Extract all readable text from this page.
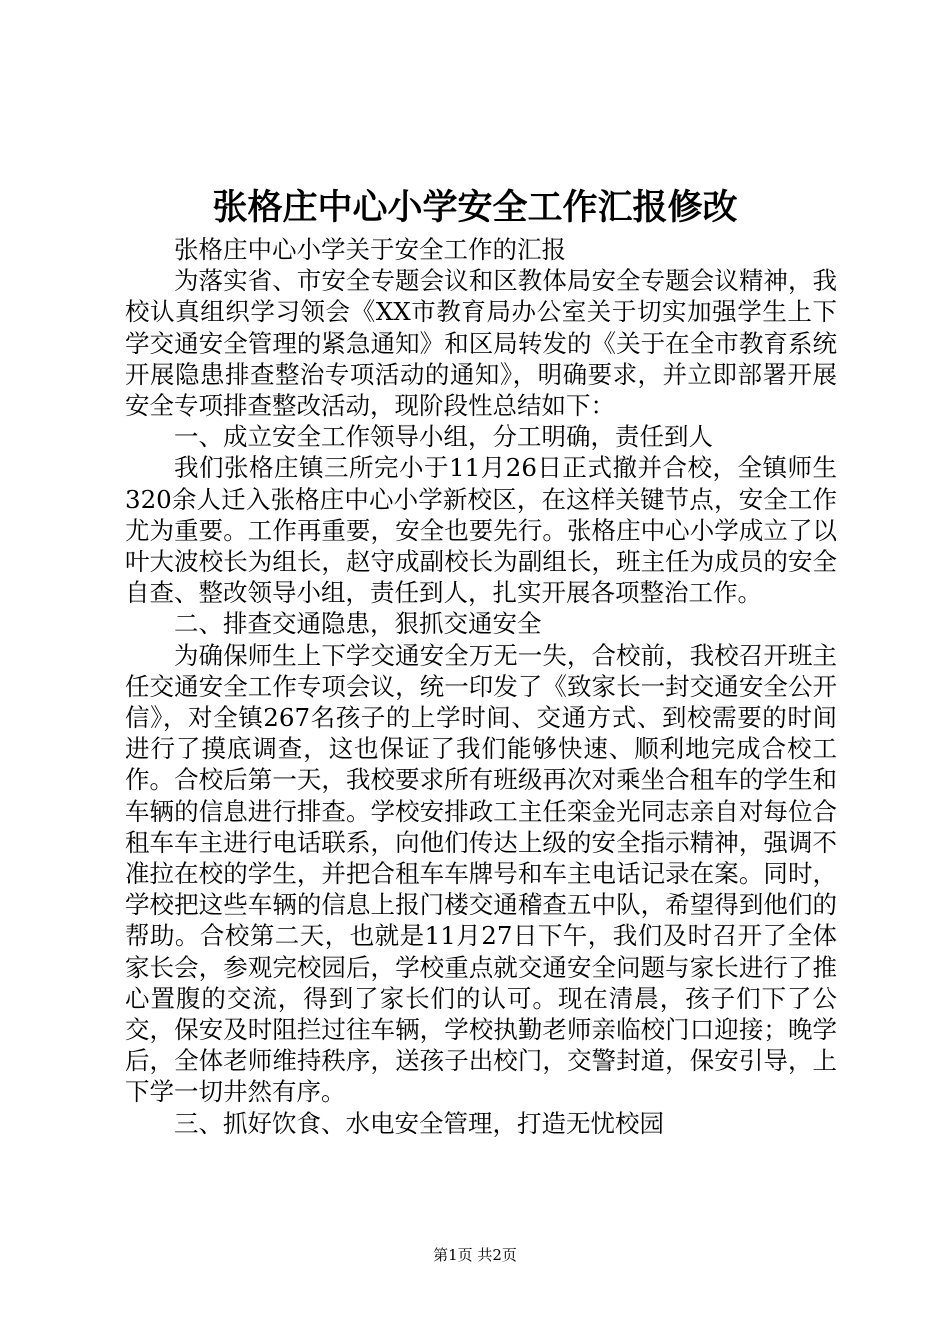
张格庄中心小学安全工作汇报修改

张格庄中心小学关于安全工作的汇报

为落实省、市安全专题会议和区教体局安全专题会议精神，我校认真组织学习领会《XX市教育局办公室关于切实加强学生上下学交通安全管理的紧急通知》和区局转发的《关于在全市教育系统开展隐患排查整治专项活动的通知》，明确要求，并立即部署开展安全专项排查整改活动，现阶段性总结如下：

一、成立安全工作领导小组，分工明确，责任到人

我们张格庄镇三所完小于11月26日正式撤并合校，全镇师生320余人迁入张格庄中心小学新校区，在这样关键节点，安全工作尤为重要。工作再重要，安全也要先行。张格庄中心小学成立了以叶大波校长为组长，赵守成副校长为副组长，班主任为成员的安全自查、整改领导小组，责任到人，扎实开展各项整治工作。

二、排查交通隐患，狠抓交通安全

为确保师生上下学交通安全万无一失，合校前，我校召开班主任交通安全工作专项会议，统一印发了《致家长一封交通安全公开信》，对全镇267名孩子的上学时间、交通方式、到校需要的时间进行了摸底调查，这也保证了我们能够快速、顺利地完成合校工作。合校后第一天，我校要求所有班级再次对乘坐合租车的学生和车辆的信息进行排查。学校安排政工主任栾金光同志亲自对每位合租车车主进行电话联系，向他们传达上级的安全指示精神，强调不准拉在校的学生，并把合租车车牌号和车主电话记录在案。同时，学校把这些车辆的信息上报门楼交通稽查五中队，希望得到他们的帮助。合校第二天，也就是11月27日下午，我们及时召开了全体家长会，参观完校园后，学校重点就交通安全问题与家长进行了推心置腹的交流，得到了家长们的认可。现在清晨，孩子们下了公交，保安及时阻拦过往车辆，学校执勤老师亲临校门口迎接；晚学后，全体老师维持秩序，送孩子出校门，交警封道，保安引导，上下学一切井然有序。

三、抓好饮食、水电安全管理，打造无忧校园

第1页 共2页
